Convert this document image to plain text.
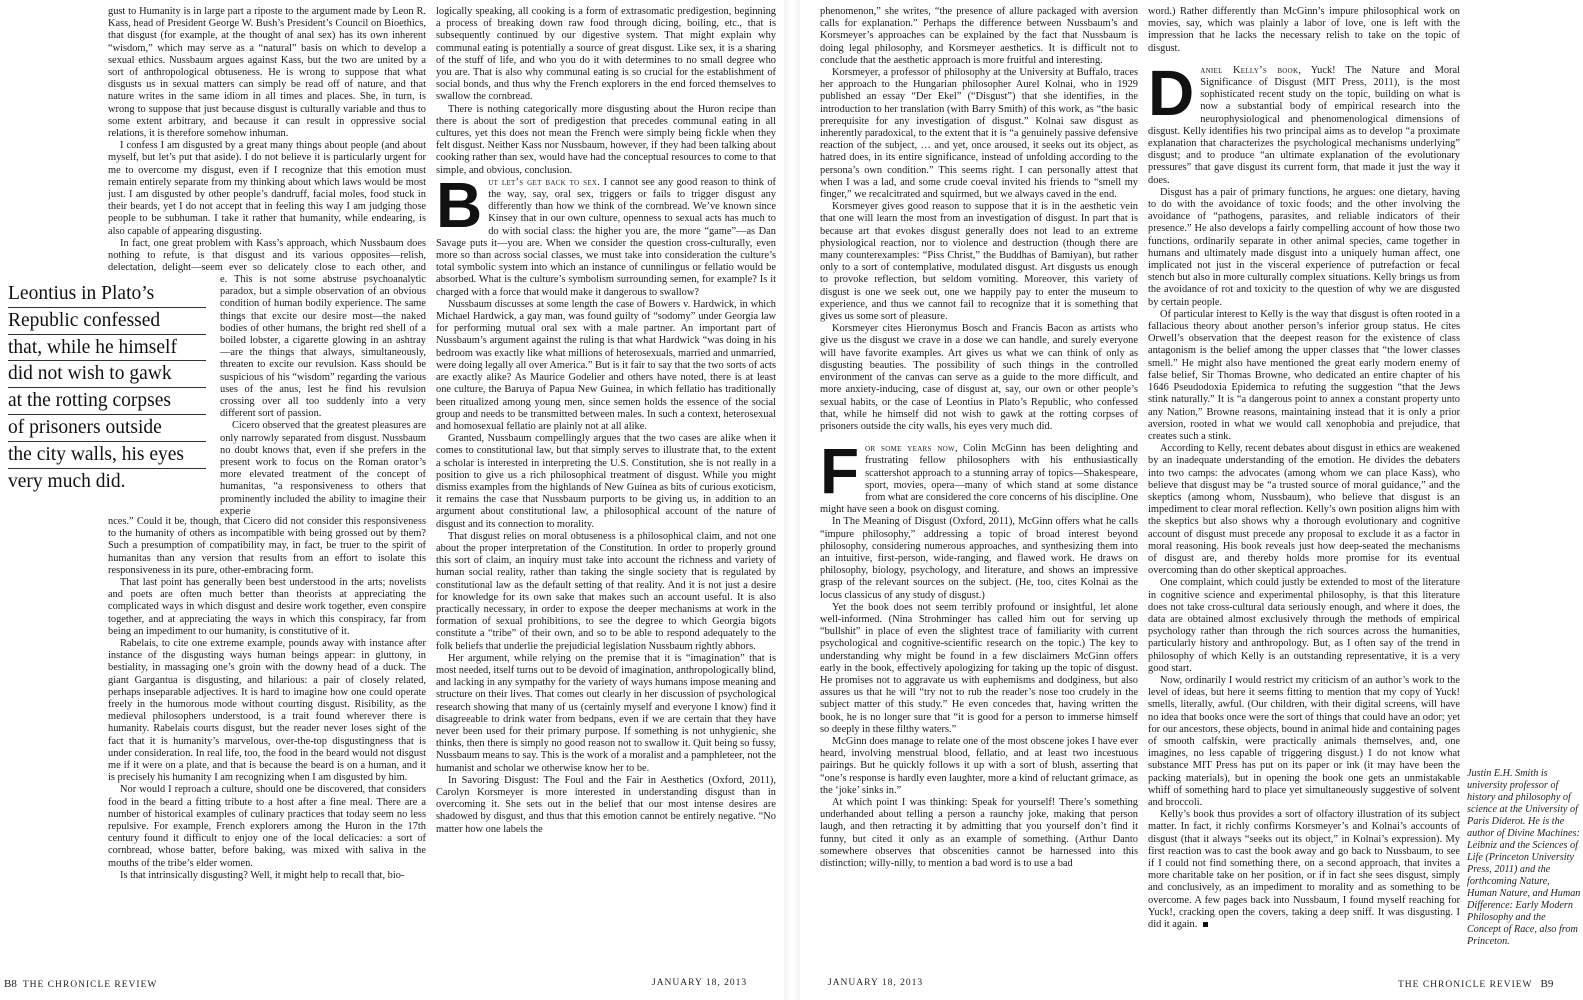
gust to Humanity is in large part a riposte to the argument made by Leon R. Kass, head of President George W. Bush’s President’s Council on Bioethics, that disgust (for example, at the thought of anal sex) has its own inherent “wisdom,” which may serve as a “natural” basis on which to develop a sexual ethics. Nussbaum argues against Kass, but the two are united by a sort of anthropological obtuseness. He is wrong to suppose that what disgusts us in sexual matters can simply be read off of nature, and that nature writes in the same idiom in all times and places. She, in turn, is wrong to suppose that just because disgust is culturally variable and thus to some extent arbitrary, and because it can result in oppressive social relations, it is therefore somehow inhuman.

I confess I am disgusted by a great many things about people (and about myself, but let’s put that aside). I do not believe it is particularly urgent for me to overcome my disgust, even if I recognize that this emotion must remain entirely separate from my thinking about which laws would be most just. I am disgusted by other people’s dandruff, facial moles, food stuck in their beards, yet I do not accept that in feeling this way I am judging those people to be subhuman. I take it rather that humanity, while endearing, is also capable of appearing disgusting.

In fact, one great problem with Kass’s approach, which Nussbaum does nothing to refute, is that disgust and its various opposites—relish, delectation, delight—seem ever so delicately close to each other, and

e. This is not some abstruse psychoanalytic paradox, but a simple observation of an obvious condition of human bodily experience. The same things that excite our desire most—the naked bodies of other humans, the bright red shell of a boiled lobster, a cigarette glowing in an ashtray—are the things that always, simultaneously, threaten to excite our revulsion. Kass should be suspicious of his “wisdom” regarding the various uses of the anus, lest he find his revulsion crossing over all too suddenly into a very different sort of passion.

Cicero observed that the greatest pleasures are only narrowly separated from disgust. Nussbaum no doubt knows that, even if she prefers in the present work to focus on the Roman orator’s more elevated treatment of the concept of humanitas, “a responsiveness to others that prominently included the ability to imagine their experie

nces.” Could it be, though, that Cicero did not consider this responsiveness to the humanity of others as incompatible with being grossed out by them? Such a presumption of compatibility may, in fact, be truer to the spirit of humanitas than any version that results from an effort to isolate this responsiveness in its pure, other-embracing form.

That last point has generally been best understood in the arts; novelists and poets are often much better than theorists at appreciating the complicated ways in which disgust and desire work together, even conspire together, and at appreciating the ways in which this conspiracy, far from being an impediment to our humanity, is constitutive of it.

Rabelais, to cite one extreme example, pounds away with instance after instance of the disgusting ways human beings appear: in gluttony, in bestiality, in massaging one’s groin with the downy head of a duck. The giant Gargantua is disgusting, and hilarious: a pair of closely related, perhaps inseparable adjectives. It is hard to imagine how one could operate freely in the humorous mode without courting disgust. Risibility, as the medieval philosophers understood, is a trait found wherever there is humanity. Rabelais courts disgust, but the reader never loses sight of the fact that it is humanity’s marvelous, over-the-top disgustingness that is under consideration. In real life, too, the food in the beard would not disgust me if it were on a plate, and that is because the beard is on a human, and it is precisely his humanity I am recognizing when I am disgusted by him.

Nor would I reproach a culture, should one be discovered, that considers food in the beard a fitting tribute to a host after a fine meal. There are a number of historical examples of culinary practices that today seem no less repulsive. For example, French explorers among the Huron in the 17th century found it difficult to enjoy one of the local delicacies: a sort of cornbread, whose batter, before baking, was mixed with saliva in the mouths of the tribe’s elder women.

Is that intrinsically disgusting? Well, it might help to recall that, bio-

Leontius in Plato’s
Republic confessed
that, while he himself
did not wish to gawk
at the rotting corpses
of prisoners outside
the city walls, his eyes
very much did.

logically speaking, all cooking is a form of extrasomatic predigestion, beginning a process of breaking down raw food through dicing, boiling, etc., that is subsequently continued by our digestive system. That might explain why communal eating is potentially a source of great disgust. Like sex, it is a sharing of the stuff of life, and who you do it with determines to no small degree who you are. That is also why communal eating is so crucial for the establishment of social bonds, and thus why the French explorers in the end forced themselves to swallow the cornbread.

There is nothing categorically more disgusting about the Huron recipe than there is about the sort of predigestion that precedes communal eating in all cultures, yet this does not mean the French were simply being fickle when they felt disgust. Neither Kass nor Nussbaum, however, if they had been talking about cooking rather than sex, would have had the conceptual resources to come to that simple, and obvious, conclusion.

But let’s get back to sex. I cannot see any good reason to think of the way, say, oral sex, triggers or fails to trigger disgust any differently than how we think of the cornbread. We’ve known since Kinsey that in our own culture, openness to sexual acts has much to do with social class: the higher you are, the more “game”—as Dan Savage puts it—you are. When we consider the question cross-culturally, even more so than across social classes, we must take into consideration the culture’s total symbolic system into which an instance of cunnilingus or fellatio would be absorbed. What is the culture’s symbolism surrounding semen, for example? Is it charged with a force that would make it dangerous to swallow?

Nussbaum discusses at some length the case of Bowers v. Hardwick, in which Michael Hardwick, a gay man, was found guilty of “sodomy” under Georgia law for performing mutual oral sex with a male partner. An important part of Nussbaum’s argument against the ruling is that what Hardwick “was doing in his bedroom was exactly like what millions of heterosexuals, married and unmarried, were doing legally all over America.” But is it fair to say that the two sorts of acts are exactly alike? As Maurice Godelier and others have noted, there is at least one culture, the Baruya of Papua New Guinea, in which fellatio has traditionally been ritualized among young men, since semen holds the essence of the social group and needs to be transmitted between males. In such a context, heterosexual and homosexual fellatio are plainly not at all alike.

Granted, Nussbaum compellingly argues that the two cases are alike when it comes to constitutional law, but that simply serves to illustrate that, to the extent a scholar is interested in interpreting the U.S. Constitution, she is not really in a position to give us a rich philosophical treatment of disgust. While you might dismiss examples from the highlands of New Guinea as bits of curious exoticism, it remains the case that Nussbaum purports to be giving us, in addition to an argument about constitutional law, a philosophical account of the nature of disgust and its connection to morality.

That disgust relies on moral obtuseness is a philosophical claim, and not one about the proper interpretation of the Constitution. In order to properly ground this sort of claim, an inquiry must take into account the richness and variety of human social reality, rather than taking the single society that is regulated by constitutional law as the default setting of that reality. And it is not just a desire for knowledge for its own sake that makes such an account useful. It is also practically necessary, in order to expose the deeper mechanisms at work in the formation of sexual prohibitions, to see the degree to which Georgia bigots constitute a “tribe” of their own, and so to be able to respond adequately to the folk beliefs that underlie the prejudicial legislation Nussbaum rightly abhors.

Her argument, while relying on the premise that it is “imagination” that is most needed, itself turns out to be devoid of imagination, anthropologically blind, and lacking in any sympathy for the variety of ways humans impose meaning and structure on their lives. That comes out clearly in her discussion of psychological research showing that many of us (certainly myself and everyone I know) find it disagreeable to drink water from bedpans, even if we are certain that they have never been used for their primary purpose. If something is not unhygienic, she thinks, then there is simply no good reason not to swallow it. Quit being so fussy, Nussbaum means to say. This is the work of a moralist and a pamphleteer, not the humanist and scholar we otherwise know her to be.

In Savoring Disgust: The Foul and the Fair in Aesthetics (Oxford, 2011), Carolyn Korsmeyer is more interested in understanding disgust than in overcoming it. She sets out in the belief that our most intense desires are shadowed by disgust, and thus that this emotion cannot be entirely negative. “No matter how one labels the

B8 THE CHRONICLE REVIEW	JANUARY 18, 2013

phenomenon,” she writes, “the presence of allure packaged with aversion calls for explanation.” Perhaps the difference between Nussbaum’s and Korsmeyer’s approaches can be explained by the fact that Nussbaum is doing legal philosophy, and Korsmeyer aesthetics. It is difficult not to conclude that the aesthetic approach is more fruitful and interesting.

Korsmeyer, a professor of philosophy at the University at Buffalo, traces her approach to the Hungarian philosopher Aurel Kolnai, who in 1929 published an essay “Der Ekel” (“Disgust”) that she identifies, in the introduction to her translation (with Barry Smith) of this work, as “the basic prerequisite for any investigation of disgust.” Kolnai saw disgust as inherently paradoxical, to the extent that it is “a genuinely passive defensive reaction of the subject, … and yet, once aroused, it seeks out its object, as hatred does, in its entire significance, instead of unfolding according to the persona’s own condition.” This seems right. I can personally attest that when I was a lad, and some crude coeval invited his friends to “smell my finger,” we recalcitrated and squirmed, but we always caved in the end.

Korsmeyer gives good reason to suppose that it is in the aesthetic vein that one will learn the most from an investigation of disgust. In part that is because art that evokes disgust generally does not lead to an extreme physiological reaction, nor to violence and destruction (though there are many counterexamples: “Piss Christ,” the Buddhas of Bamiyan), but rather only to a sort of contemplative, modulated disgust. Art disgusts us enough to provoke reflection, but seldom vomiting. Moreover, this variety of disgust is one we seek out, one we happily pay to enter the museum to experience, and thus we cannot fail to recognize that it is something that gives us some sort of pleasure.

Korsmeyer cites Hieronymus Bosch and Francis Bacon as artists who give us the disgust we crave in a dose we can handle, and surely everyone will have favorite examples. Art gives us what we can think of only as disgusting beauties. The possibility of such things in the controlled environment of the canvas can serve as a guide to the more difficult, and more anxiety-inducing, case of disgust at, say, our own or other people’s sexual habits, or the case of Leontius in Plato’s Republic, who confessed that, while he himself did not wish to gawk at the rotting corpses of prisoners outside the city walls, his eyes very much did.

For some years now, Colin McGinn has been delighting and frustrating fellow philosophers with his enthusiastically scattershot approach to a stunning array of topics—Shakespeare, sport, movies, opera—many of which stand at some distance from what are considered the core concerns of his discipline. One might have seen a book on disgust coming.

In The Meaning of Disgust (Oxford, 2011), McGinn offers what he calls “impure philosophy,” addressing a topic of broad interest beyond philosophy, considering numerous approaches, and synthesizing them into an intuitive, first-person, wide-ranging, and flawed work. He draws on philosophy, biology, psychology, and literature, and shows an impressive grasp of the relevant sources on the subject. (He, too, cites Kolnai as the locus classicus of any study of disgust.)

Yet the book does not seem terribly profound or insightful, let alone well-informed. (Nina Strohminger has called him out for serving up “bullshit” in place of even the slightest trace of familiarity with current psychological and cognitive-scientific research on the topic.) The key to understanding why might be found in a few disclaimers McGinn offers early in the book, effectively apologizing for taking up the topic of disgust. He promises not to aggravate us with euphemisms and dodginess, but also assures us that he will “try not to rub the reader’s nose too crudely in the subject matter of this study.” He even concedes that, having written the book, he is no longer sure that “it is good for a person to immerse himself so deeply in these filthy waters.”

McGinn does manage to relate one of the most obscene jokes I have ever heard, involving menstrual blood, fellatio, and at least two incestuous pairings. But he quickly follows it up with a sort of blush, asserting that “one’s response is hardly even laughter, more a kind of reluctant grimace, as the ‘joke’ sinks in.”

At which point I was thinking: Speak for yourself! There’s something underhanded about telling a person a raunchy joke, making that person laugh, and then retracting it by admitting that you yourself don’t find it funny, but cited it only as an example of something. (Arthur Danto somewhere observes that obscenities cannot be harnessed into this distinction; willy-nilly, to mention a bad word is to use a bad

word.) Rather differently than McGinn’s impure philosophical work on movies, say, which was plainly a labor of love, one is left with the impression that he lacks the necessary relish to take on the topic of disgust.

Daniel Kelly’s book, Yuck! The Nature and Moral Significance of Disgust (MIT Press, 2011), is the most sophisticated recent study on the topic, building on what is now a substantial body of empirical research into the neurophysiological and phenomenological dimensions of disgust. Kelly identifies his two principal aims as to develop “a proximate explanation that characterizes the psychological mechanisms underlying” disgust; and to produce “an ultimate explanation of the evolutionary pressures” that gave disgust its current form, that made it just the way it does.

Disgust has a pair of primary functions, he argues: one dietary, having to do with the avoidance of toxic foods; and the other involving the avoidance of “pathogens, parasites, and reliable indicators of their presence.” He also develops a fairly compelling account of how those two functions, ordinarily separate in other animal species, came together in humans and ultimately made disgust into a uniquely human affect, one implicated not just in the visceral experience of putrefaction or fecal stench but also in more culturally complex situations. Kelly brings us from the avoidance of rot and toxicity to the question of why we are disgusted by certain people.

Of particular interest to Kelly is the way that disgust is often rooted in a fallacious theory about another person’s inferior group status. He cites Orwell’s observation that the deepest reason for the existence of class antagonism is the belief among the upper classes that “the lower classes smell.” He might also have mentioned the great early modern enemy of false belief, Sir Thomas Browne, who dedicated an entire chapter of his 1646 Pseudodoxia Epidemica to refuting the suggestion “that the Jews stink naturally.” It is “a dangerous point to annex a constant property unto any Nation,” Browne reasons, maintaining instead that it is only a prior aversion, rooted in what we would call xenophobia and prejudice, that creates such a stink.

According to Kelly, recent debates about disgust in ethics are weakened by an inadequate understanding of the emotion. He divides the debaters into two camps: the advocates (among whom we can place Kass), who believe that disgust may be “a trusted source of moral guidance,” and the skeptics (among whom, Nussbaum), who believe that disgust is an impediment to clear moral reflection. Kelly’s own position aligns him with the skeptics but also shows why a thorough evolutionary and cognitive account of disgust must precede any proposal to exclude it as a factor in moral reasoning. His book reveals just how deep-seated the mechanisms of disgust are, and thereby holds more promise for its eventual overcoming than do other skeptical approaches.

One complaint, which could justly be extended to most of the literature in cognitive science and experimental philosophy, is that this literature does not take cross-cultural data seriously enough, and where it does, the data are obtained almost exclusively through the methods of empirical psychology rather than through the rich sources across the humanities, particularly history and anthropology. But, as I often say of the trend in philosophy of which Kelly is an outstanding representative, it is a very good start.

Now, ordinarily I would restrict my criticism of an author’s work to the level of ideas, but here it seems fitting to mention that my copy of Yuck! smells, literally, awful. (Our children, with their digital screens, will have no idea that books once were the sort of things that could have an odor; yet for our ancestors, these objects, bound in animal hide and containing pages of smooth calfskin, were practically animals themselves, and, one imagines, no less capable of triggering disgust.) I do not know what substance MIT Press has put on its paper or ink (it may have been the packing materials), but in opening the book one gets an unmistakable whiff of something hard to place yet simultaneously suggestive of solvent and broccoli.

Kelly’s book thus provides a sort of olfactory illustration of its subject matter. In fact, it richly confirms Korsmeyer’s and Kolnai’s accounts of disgust (that it always “seeks out its object,” in Kolnai’s expression). My first reaction was to cast the book away and go back to Nussbaum, to see if I could not find something there, on a second approach, that invites a more charitable take on her position, or if in fact she sees disgust, simply and conclusively, as an impediment to morality and as something to be overcome. A few pages back into Nussbaum, I found myself reaching for Yuck!, cracking open the covers, taking a deep sniff. It was disgusting. I did it again.

Justin E.H. Smith is university professor of history and philosophy of science at the University of Paris Diderot. He is the author of Divine Machines: Leibniz and the Sciences of Life (Princeton University Press, 2011) and the forthcoming Nature, Human Nature, and Human Difference: Early Modern Philosophy and the Concept of Race, also from Princeton.
JANUARY 18, 2013	THE CHRONICLE REVIEW B9
